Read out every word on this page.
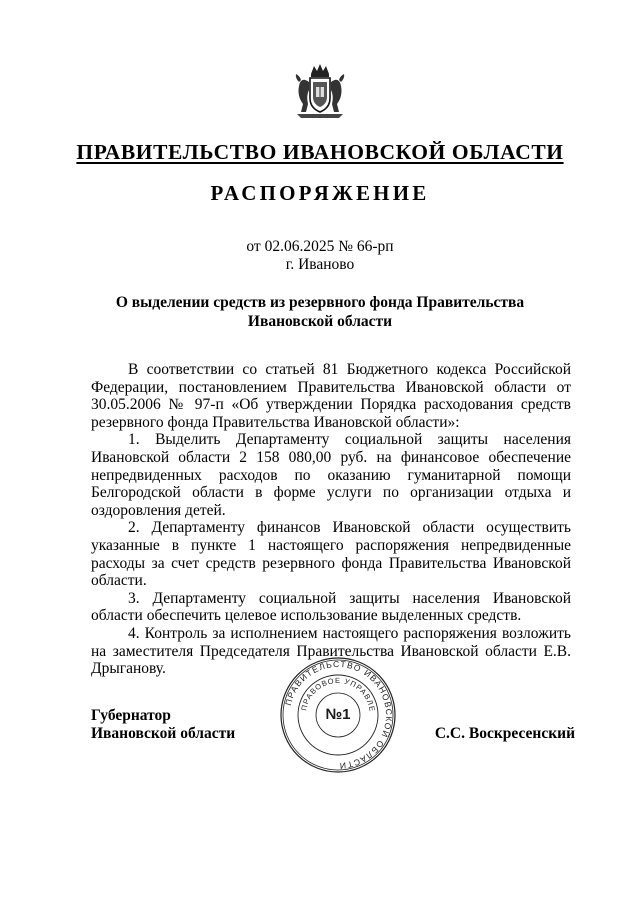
ПРАВИТЕЛЬСТВО ИВАНОВСКОЙ ОБЛАСТИ
РАСПОРЯЖЕНИЕ
от 02.06.2025 № 66-рп
г. Иваново
О выделении средств из резервного фонда Правительства Ивановской области

В соответствии со статьей 81 Бюджетного кодекса Российской Федерации, постановлением Правительства Ивановской области от 30.05.2006 № 97-п «Об утверждении Порядка расходования средств резервного фонда Правительства Ивановской области»:

1. Выделить Департаменту социальной защиты населения Ивановской области 2 158 080,00 руб. на финансовое обеспечение непредвиденных расходов по оказанию гуманитарной помощи Белгородской области в форме услуги по организации отдыха и оздоровления детей.

2. Департаменту финансов Ивановской области осуществить указанные в пункте 1 настоящего распоряжения непредвиденные расходы за счет средств резервного фонда Правительства Ивановской области.

3. Департаменту социальной защиты населения Ивановской области обеспечить целевое использование выделенных средств.

4. Контроль за исполнением настоящего распоряжения возложить на заместителя Председателя Правительства Ивановской области Е.В. Дрыганову.

Губернатор
Ивановской области
ПРАВИТЕЛЬСТВО ИВАНОВСКОЙ ОБЛАСТИ
ПРАВОВОЕ УПРАВЛЕ
№1
С.С. Воскресенский
